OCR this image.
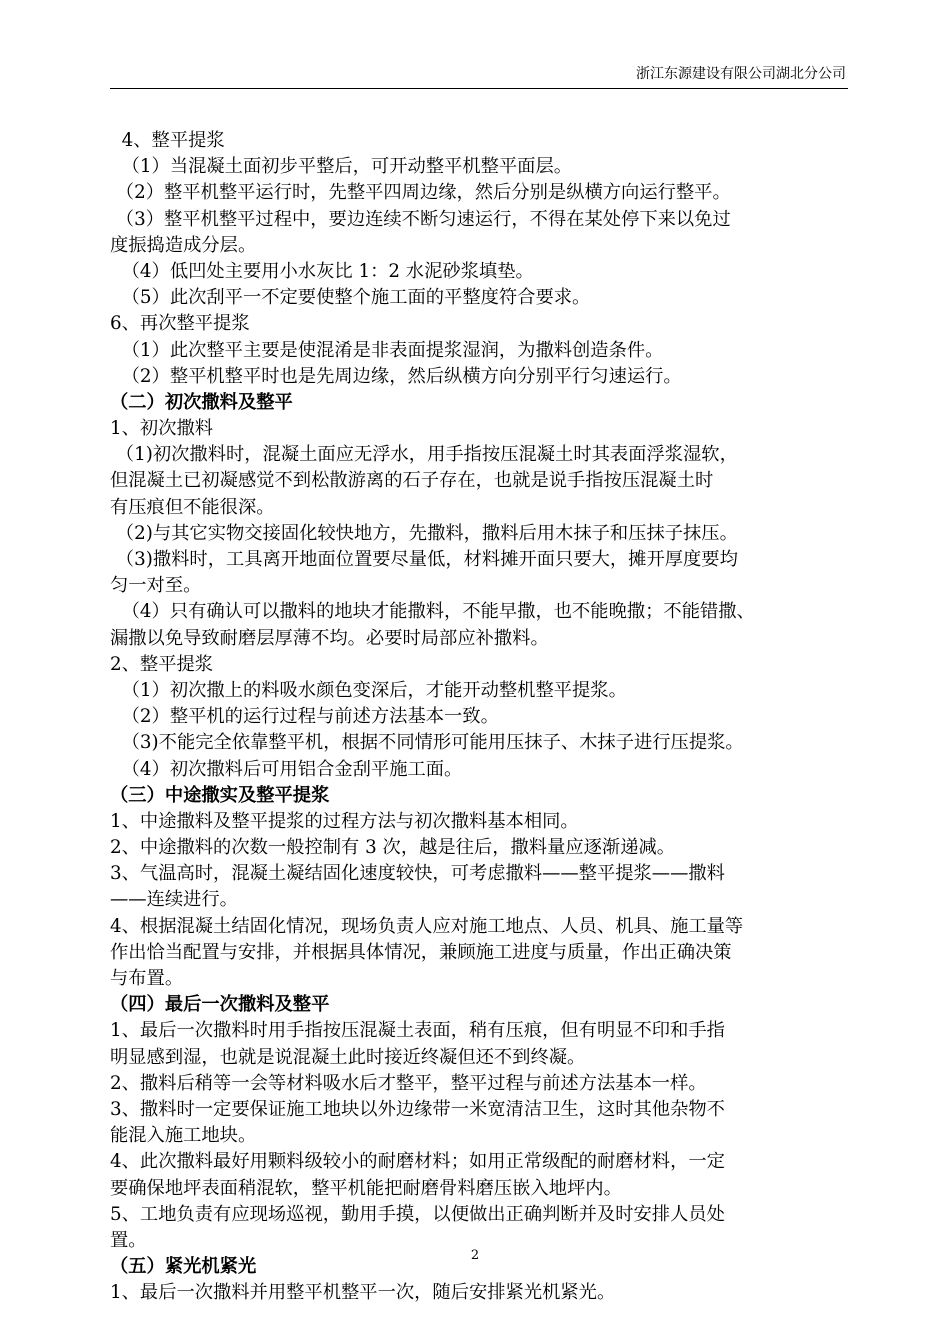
浙江东源建设有限公司湖北分公司
4、整平提浆
（1）当混凝土面初步平整后，可开动整平机整平面层。
（2）整平机整平运行时，先整平四周边缘，然后分别是纵横方向运行整平。
（3）整平机整平过程中，要边连续不断匀速运行，不得在某处停下来以免过
度振捣造成分层。
（4）低凹处主要用小水灰比 1：2 水泥砂浆填垫。
（5）此次刮平一不定要使整个施工面的平整度符合要求。
6、再次整平提浆
（1）此次整平主要是使混淆是非表面提浆湿润，为撒料创造条件。
（2）整平机整平时也是先周边缘，然后纵横方向分别平行匀速运行。
（二）初次撒料及整平
1、初次撒料
（1)初次撒料时，混凝土面应无浮水，用手指按压混凝土时其表面浮浆湿软，
但混凝土已初凝感觉不到松散游离的石子存在，也就是说手指按压混凝土时
有压痕但不能很深。
（2)与其它实物交接固化较快地方，先撒料，撒料后用木抹子和压抹子抹压。
（3)撒料时，工具离开地面位置要尽量低，材料摊开面只要大，摊开厚度要均
匀一对至。
（4）只有确认可以撒料的地块才能撒料，不能早撒，也不能晚撒；不能错撒、
漏撒以免导致耐磨层厚薄不均。必要时局部应补撒料。
2、整平提浆
（1）初次撒上的料吸水颜色变深后，才能开动整机整平提浆。
（2）整平机的运行过程与前述方法基本一致。
（3)不能完全依靠整平机，根据不同情形可能用压抹子、木抹子进行压提浆。
（4）初次撒料后可用铝合金刮平施工面。
（三）中途撒实及整平提浆
1、中途撒料及整平提浆的过程方法与初次撒料基本相同。
2、中途撒料的次数一般控制有 3 次，越是往后，撒料量应逐渐递减。
3、气温高时，混凝土凝结固化速度较快，可考虑撒料——整平提浆——撒料
——连续进行。
4、根据混凝土结固化情况，现场负责人应对施工地点、人员、机具、施工量等
作出恰当配置与安排，并根据具体情况，兼顾施工进度与质量，作出正确决策
与布置。
（四）最后一次撒料及整平
1、最后一次撒料时用手指按压混凝土表面，稍有压痕，但有明显不印和手指
明显感到湿，也就是说混凝土此时接近终凝但还不到终凝。
2、撒料后稍等一会等材料吸水后才整平，整平过程与前述方法基本一样。
3、撒料时一定要保证施工地块以外边缘带一米宽清洁卫生，这时其他杂物不
能混入施工地块。
4、此次撒料最好用颗料级较小的耐磨材料；如用正常级配的耐磨材料，一定
要确保地坪表面稍混软，整平机能把耐磨骨料磨压嵌入地坪内。
5、工地负责有应现场巡视，勤用手摸，以便做出正确判断并及时安排人员处
置。
（五）紧光机紧光
1、最后一次撒料并用整平机整平一次，随后安排紧光机紧光。
2
